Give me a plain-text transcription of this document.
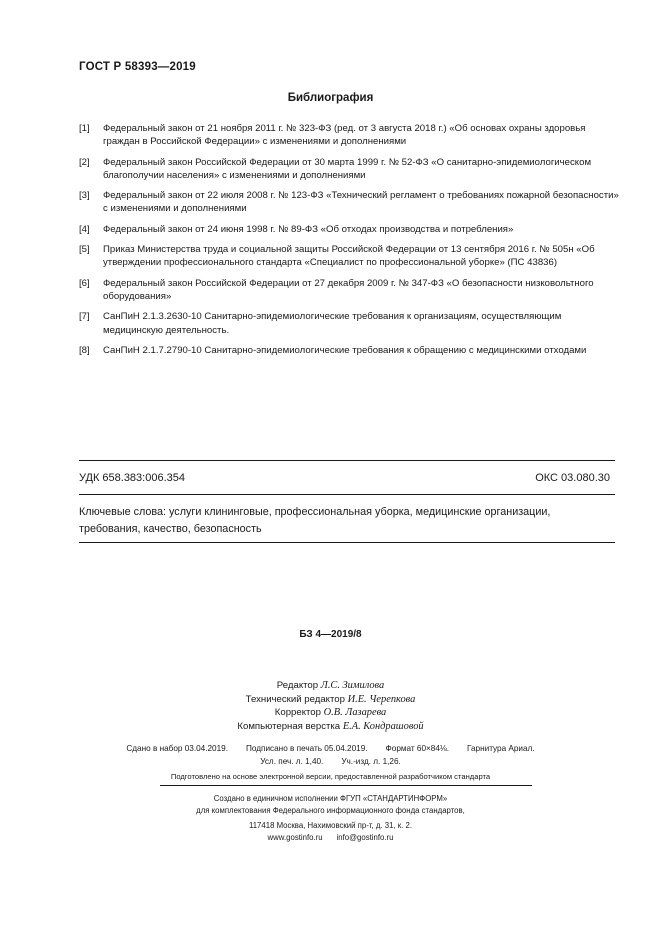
ГОСТ Р 58393—2019
Библиография
[1] Федеральный закон от 21 ноября 2011 г. № 323-ФЗ (ред. от 3 августа 2018 г.) «Об основах охраны здоровья граждан в Российской Федерации» с изменениями и дополнениями
[2] Федеральный закон Российской Федерации от 30 марта 1999 г. № 52-ФЗ «О санитарно-эпидемиологическом благополучии населения» с изменениями и дополнениями
[3] Федеральный закон от 22 июля 2008 г. № 123-ФЗ «Технический регламент о требованиях пожарной безопасности» с изменениями и дополнениями
[4] Федеральный закон от 24 июня 1998 г. № 89-ФЗ «Об отходах производства и потребления»
[5] Приказ Министерства труда и социальной защиты Российской Федерации от 13 сентября 2016 г. № 505н «Об утверждении профессионального стандарта «Специалист по профессиональной уборке» (ПС 43836)
[6] Федеральный закон Российской Федерации от 27 декабря 2009 г. № 347-ФЗ «О безопасности низковольтного оборудования»
[7] СанПиН 2.1.3.2630-10 Санитарно-эпидемиологические требования к организациям, осуществляющим медицинскую деятельность.
[8] СанПиН 2.1.7.2790-10 Санитарно-эпидемиологические требования к обращению с медицинскими отходами
УДК 658.383:006.354	ОКС 03.080.30
Ключевые слова: услуги клининговые, профессиональная уборка, медицинские организации, требования, качество, безопасность
БЗ 4—2019/8
Редактор Л.С. Зимилова
Технический редактор И.Е. Черепкова
Корректор О.В. Лазарева
Компьютерная верстка Е.А. Кондрашовой
Сдано в набор 03.04.2019. Подписано в печать 05.04.2019. Формат 60×84⅛. Гарнитура Ариал.
Усл. печ. л. 1,40. Уч.-изд. л. 1,26.
Подготовлено на основе электронной версии, предоставленной разработчиком стандарта
Создано в единичном исполнении ФГУП «СТАНДАРТИНФОРМ»
для комплектования Федерального информационного фонда стандартов,
117418 Москва, Нахимовский пр-т, д. 31, к. 2.
www.gostinfo.ru info@gostinfo.ru
